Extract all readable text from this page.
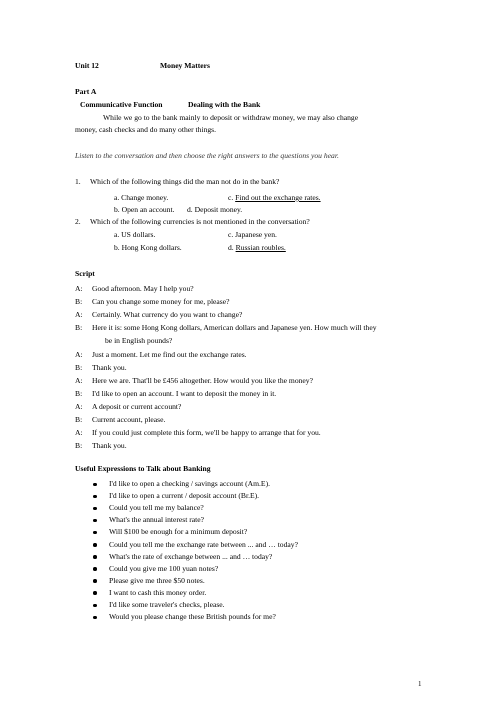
Unit 12	Money Matters
Part A
Communicative Function	Dealing with the Bank
While we go to the bank mainly to deposit or withdraw money, we may also change
money, cash checks and do many other things.
Listen to the conversation and then choose the right answers to the questions you hear.
1. Which of the following things did the man not do in the bank?
a. Change money.	c. Find out the exchange rates.
b. Open an account. d. Deposit money.
2. Which of the following currencies is not mentioned in the conversation?
a. US dollars.	c. Japanese yen.
b. Hong Kong dollars.	d. Russian roubles.
Script
A: Good afternoon. May I help you?
B: Can you change some money for me, please?
A: Certainly. What currency do you want to change?
B: Here it is: some Hong Kong dollars, American dollars and Japanese yen. How much will they
be in English pounds?
A: Just a moment. Let me find out the exchange rates.
B: Thank you.
A: Here we are. That'll be £456 altogether. How would you like the money?
B: I'd like to open an account. I want to deposit the money in it.
A: A deposit or current account?
B: Current account, please.
A: If you could just complete this form, we'll be happy to arrange that for you.
B: Thank you.
Useful Expressions to Talk about Banking
I'd like to open a checking / savings account (Am.E).
I'd like to open a current / deposit account (Br.E).
Could you tell me my balance?
What's the annual interest rate?
Will $100 be enough for a minimum deposit?
Could you tell me the exchange rate between ... and … today?
What's the rate of exchange between ... and … today?
Could you give me 100 yuan notes?
Please give me three $50 notes.
I want to cash this money order.
I'd like some traveler's checks, please.
Would you please change these British pounds for me?
1
